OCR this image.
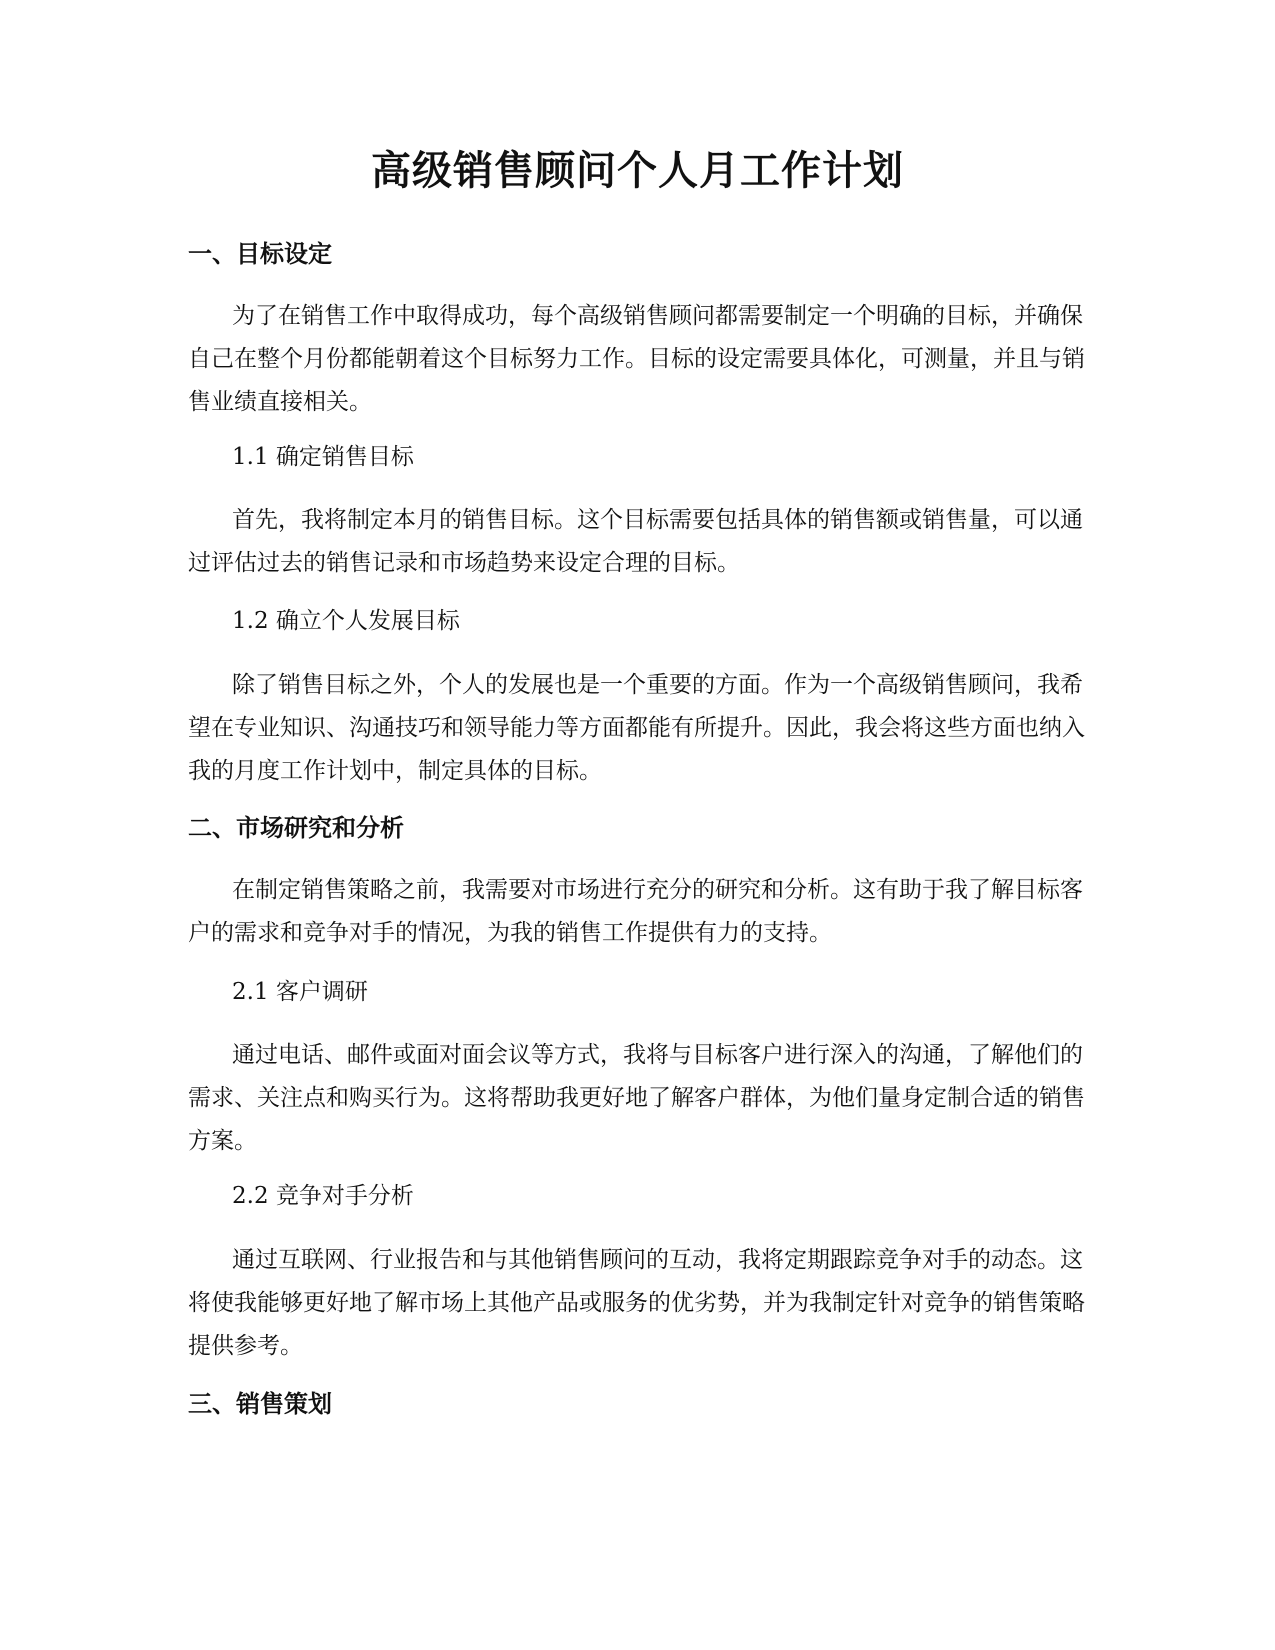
高级销售顾问个人月工作计划
一、目标设定

为了在销售工作中取得成功，每个高级销售顾问都需要制定一个明确的目标，并确保自己在整个月份都能朝着这个目标努力工作。目标的设定需要具体化，可测量，并且与销售业绩直接相关。

1.1 确定销售目标

首先，我将制定本月的销售目标。这个目标需要包括具体的销售额或销售量，可以通过评估过去的销售记录和市场趋势来设定合理的目标。

1.2 确立个人发展目标

除了销售目标之外，个人的发展也是一个重要的方面。作为一个高级销售顾问，我希望在专业知识、沟通技巧和领导能力等方面都能有所提升。因此，我会将这些方面也纳入我的月度工作计划中，制定具体的目标。

二、市场研究和分析

在制定销售策略之前，我需要对市场进行充分的研究和分析。这有助于我了解目标客户的需求和竞争对手的情况，为我的销售工作提供有力的支持。

2.1 客户调研

通过电话、邮件或面对面会议等方式，我将与目标客户进行深入的沟通，了解他们的需求、关注点和购买行为。这将帮助我更好地了解客户群体，为他们量身定制合适的销售方案。

2.2 竞争对手分析

通过互联网、行业报告和与其他销售顾问的互动，我将定期跟踪竞争对手的动态。这将使我能够更好地了解市场上其他产品或服务的优劣势，并为我制定针对竞争的销售策略提供参考。

三、销售策划
